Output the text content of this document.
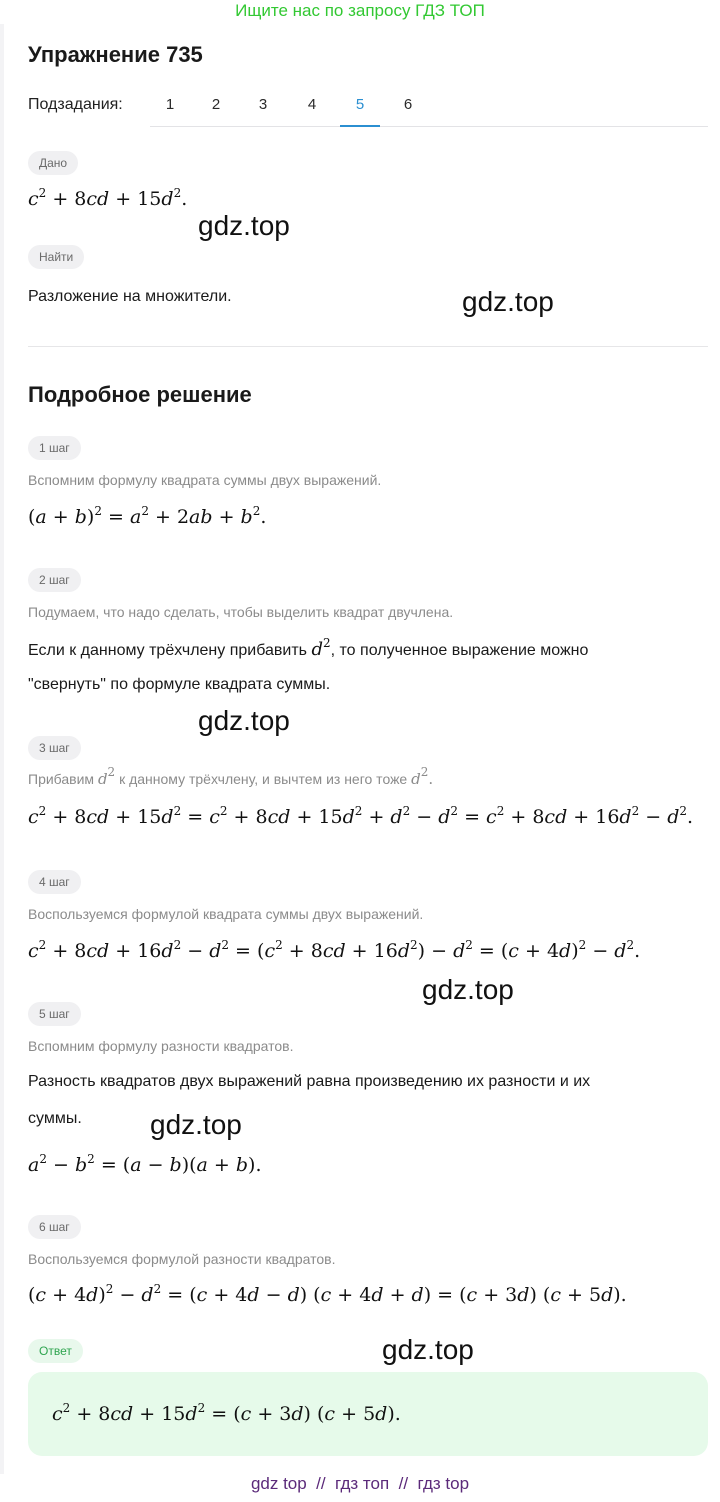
Ищите нас по запросу ГДЗ ТОП
Упражнение 735
Подзадания:	1	2	3	4	5	6
Дано
$c^2 + 8cd + 15d^2$.
gdz.top
Найти
Разложение на множители.	gdz.top
Подробное решение
1 шаг
Вспомним формулу квадрата суммы двух выражений.
$(a + b)^2 = a^2 + 2ab + b^2$.
2 шаг
Подумаем, что надо сделать, чтобы выделить квадрат двучлена.
Если к данному трёхчлену прибавить $d^2$, то полученное выражение можно
"свернуть" по формуле квадрата суммы.
gdz.top
3 шаг
Прибавим $d^2$ к данному трёхчлену, и вычтем из него тоже $d^2$.
$c^2 + 8cd + 15d^2 = c^2 + 8cd + 15d^2 + d^2 - d^2 = c^2 + 8cd + 16d^2 - d^2$.
4 шаг
Воспользуемся формулой квадрата суммы двух выражений.
$c^2 + 8cd + 16d^2 - d^2 = (c^2 + 8cd + 16d^2) - d^2 = (c + 4d)^2 - d^2$.
gdz.top
5 шаг
Вспомним формулу разности квадратов.
Разность квадратов двух выражений равна произведению их разности и их
суммы. gdz.top
$a^2 - b^2 = (a - b)(a + b)$.
6 шаг
Воспользуемся формулой разности квадратов.
$(c + 4d)^2 - d^2 = (c + 4d - d)$ (c + 4d + d) = (c + 3d) (c + 5d).
Ответ	gdz.top
$c^2 + 8cd + 15d^2 = (c + 3d) (c + 5d)$.
gdz top  //  гдз топ  //  гдз top
